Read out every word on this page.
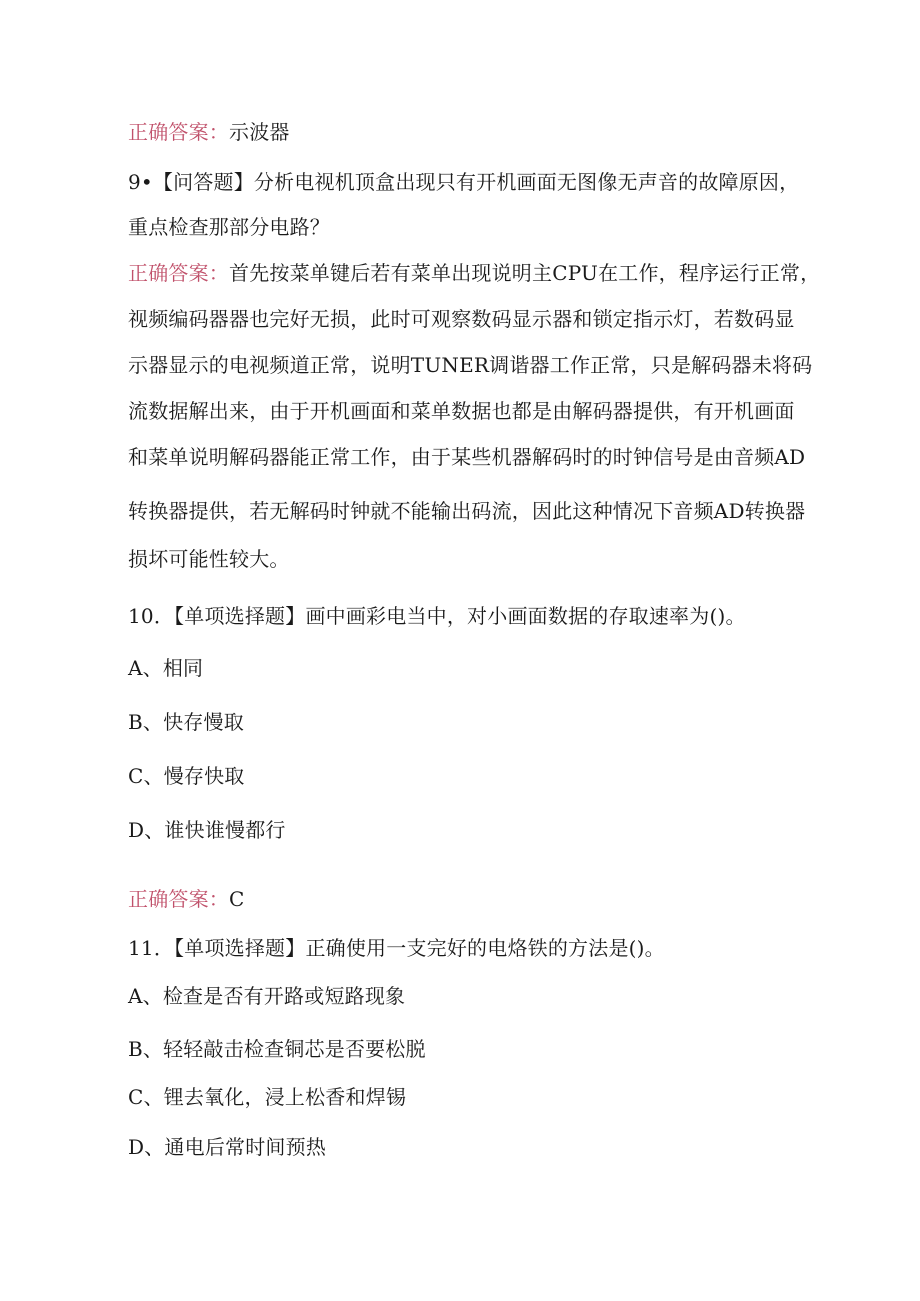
正确答案：示波器
9•【问答题】分析电视机顶盒出现只有开机画面无图像无声音的故障原因，
重点检查那部分电路？
正确答案：首先按菜单键后若有菜单出现说明主CPU在工作，程序运行正常，
视频编码器器也完好无损，此时可观察数码显示器和锁定指示灯，若数码显
示器显示的电视频道正常，说明TUNER调谐器工作正常，只是解码器未将码
流数据解出来，由于开机画面和菜单数据也都是由解码器提供，有开机画面
和菜单说明解码器能正常工作，由于某些机器解码时的时钟信号是由音频AD
转换器提供，若无解码时钟就不能输出码流，因此这种情况下音频AD转换器
损坏可能性较大。
10．【单项选择题】画中画彩电当中，对小画面数据的存取速率为()。
A、相同
B、快存慢取
C、慢存快取
D、谁快谁慢都行
正确答案：C
11．【单项选择题】正确使用一支完好的电烙铁的方法是()。
A、检查是否有开路或短路现象
B、轻轻敲击检查铜芯是否要松脱
C、锂去氧化，浸上松香和焊锡
D、通电后常时间预热
